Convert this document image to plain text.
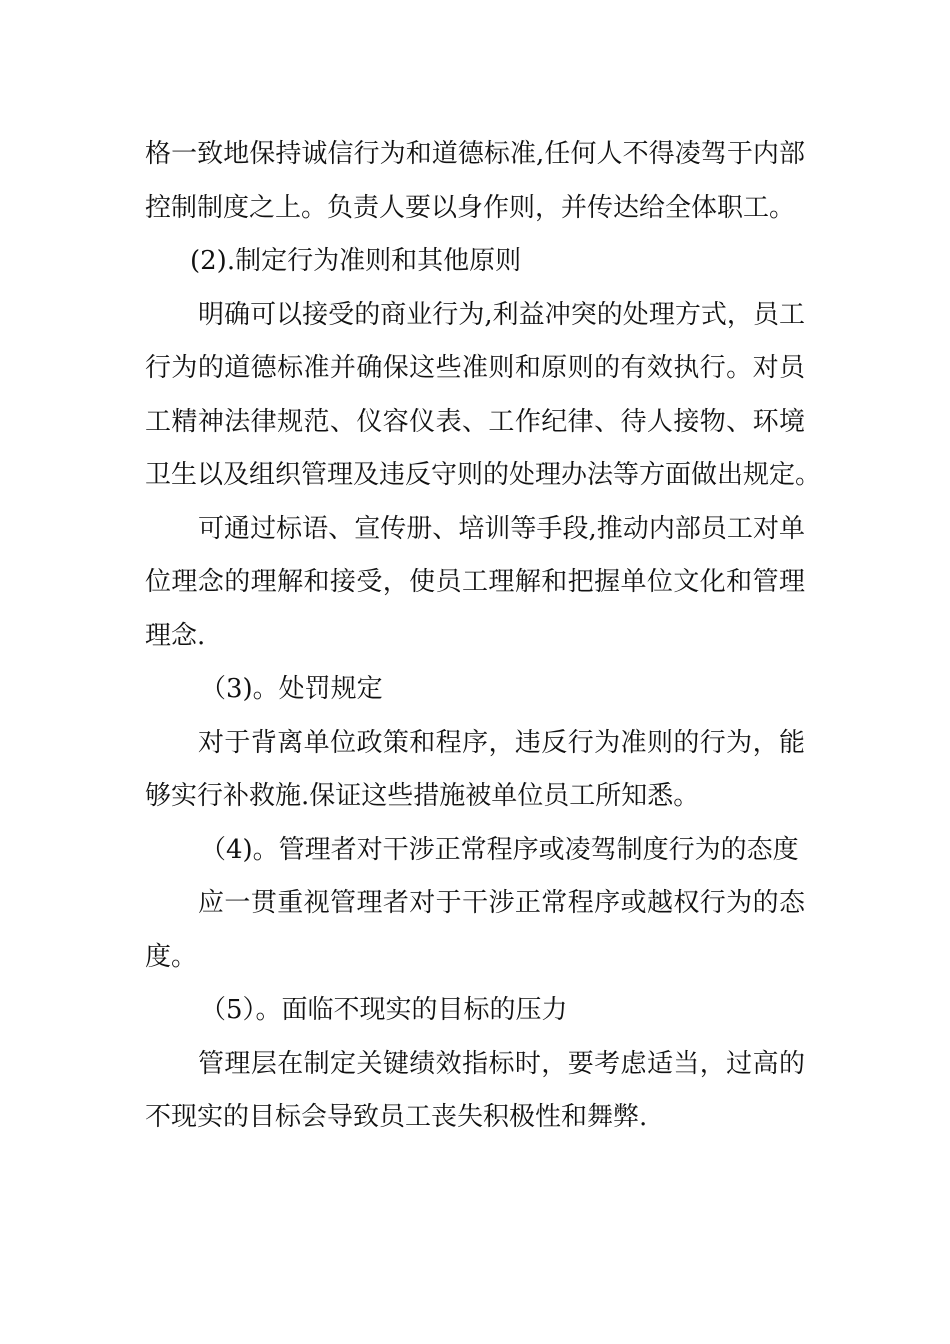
格一致地保持诚信行为和道德标准,任何人不得凌驾于内部
控制制度之上。负责人要以身作则，并传达给全体职工。
(2).制定行为准则和其他原则
明确可以接受的商业行为,利益冲突的处理方式，员工
行为的道德标准并确保这些准则和原则的有效执行。对员
工精神法律规范、仪容仪表、工作纪律、待人接物、环境
卫生以及组织管理及违反守则的处理办法等方面做出规定。
可通过标语、宣传册、培训等手段,推动内部员工对单
位理念的理解和接受，使员工理解和把握单位文化和管理
理念.
（3)。处罚规定
对于背离单位政策和程序，违反行为准则的行为，能
够实行补救施.保证这些措施被单位员工所知悉。
（4)。管理者对干涉正常程序或凌驾制度行为的态度
应一贯重视管理者对于干涉正常程序或越权行为的态
度。
（5）。面临不现实的目标的压力
管理层在制定关键绩效指标时，要考虑适当，过高的
不现实的目标会导致员工丧失积极性和舞弊.
